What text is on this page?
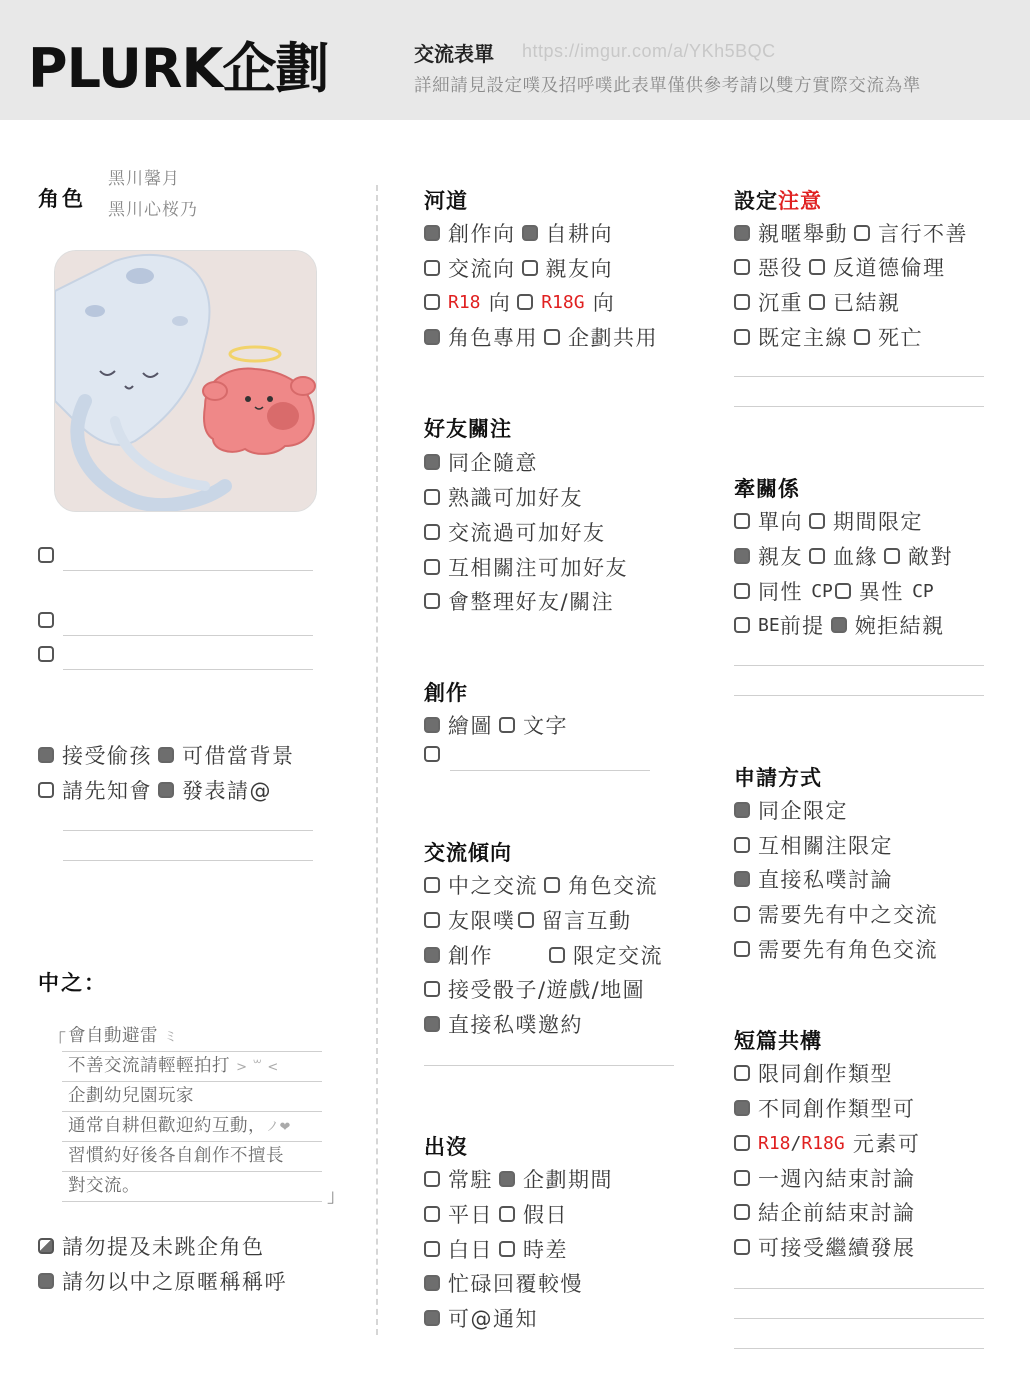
PLURK企劃	交流表單 https://imgur.com/a/YKh5BQC
詳細請見設定噗及招呼噗此表單僅供參考請以雙方實際交流為準
角色
黑川馨月
黑川心桜乃
接受偷孩 可借當背景
請先知會 發表請@
中之：
「 會自動避雷 ミ
不善交流請輕輕拍打 > ꒳ <
企劃幼兒園玩家
通常自耕但歡迎約互動，ノ❤
習慣約好後各自創作不擅長
對交流。	」
請勿提及未跳企角色
請勿以中之原暱稱稱呼
河道
創作向 自耕向
交流向 親友向
R18
向 R18G
向
角色專用 企劃共用
好友關注
同企隨意
熟識可加好友
交流過可加好友
互相關注可加好友
會整理好友/關注
創作
繪圖 文字
交流傾向
中之交流 角色交流
友限噗 留言互動
創作	限定交流
接受骰子/遊戲/地圖
直接私噗邀約
出沒
常駐 企劃期間
平日 假日
白日 時差
忙碌回覆較慢
可@通知
設定注意
親暱舉動 言行不善
惡役 反道德倫理
沉重 已結親
既定主線 死亡
牽關係
單向 期間限定
親友 血緣 敵對
同性
CP 異性
CP
BE 前提 婉拒結親
申請方式
同企限定
互相關注限定
直接私噗討論
需要先有中之交流
需要先有角色交流
短篇共構
限同創作類型
不同創作類型可
R18 / R18G
元素可
一週內結束討論
結企前結束討論
可接受繼續發展
